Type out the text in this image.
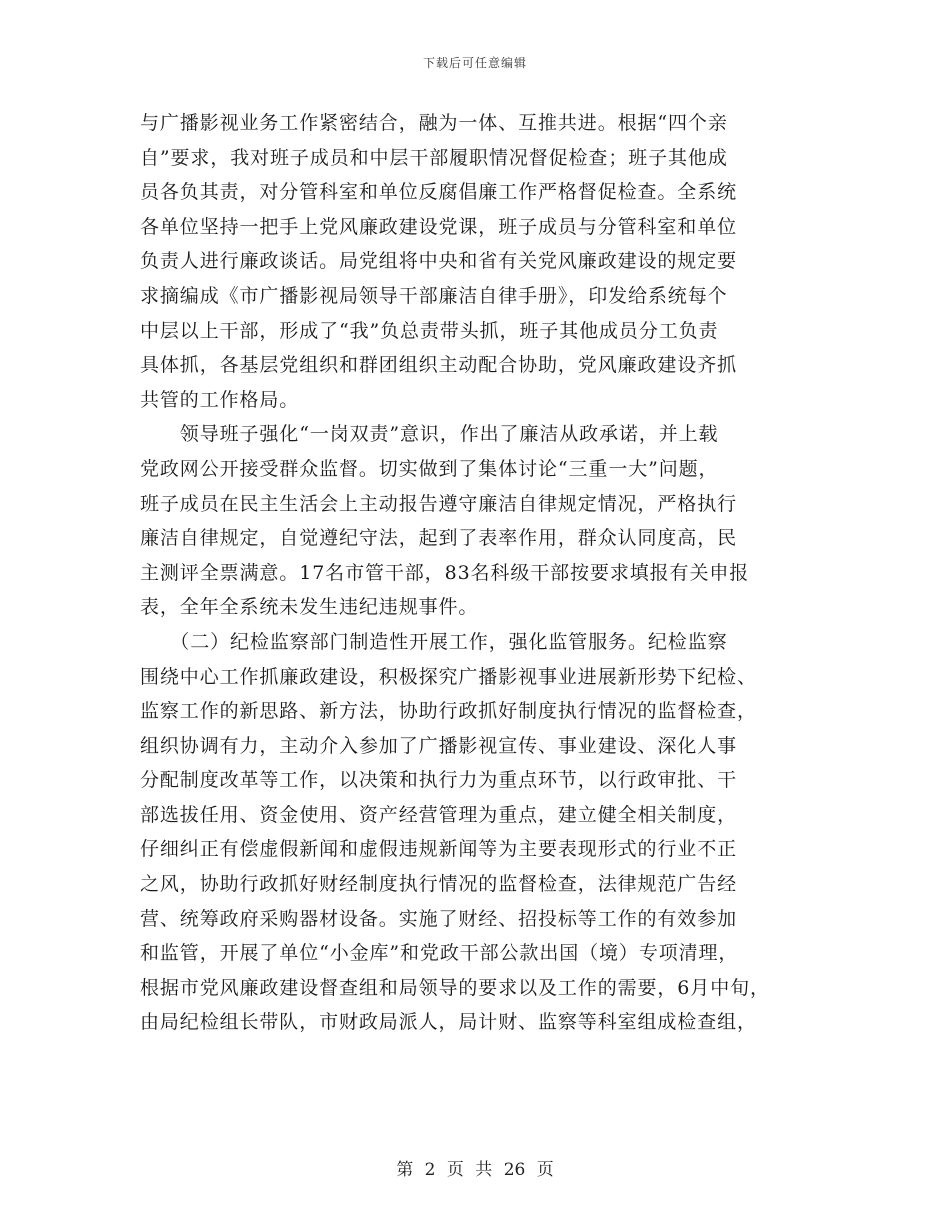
下载后可任意编辑
与广播影视业务工作紧密结合，融为一体、互推共进。根据“四个亲
自”要求，我对班子成员和中层干部履职情况督促检查；班子其他成
员各负其责，对分管科室和单位反腐倡廉工作严格督促检查。全系统
各单位坚持一把手上党风廉政建设党课，班子成员与分管科室和单位
负责人进行廉政谈话。局党组将中央和省有关党风廉政建设的规定要
求摘编成《市广播影视局领导干部廉洁自律手册》，印发给系统每个
中层以上干部，形成了“我”负总责带头抓，班子其他成员分工负责
具体抓，各基层党组织和群团组织主动配合协助，党风廉政建设齐抓
共管的工作格局。
　　领导班子强化“一岗双责”意识，作出了廉洁从政承诺，并上载
党政网公开接受群众监督。切实做到了集体讨论“三重一大”问题，
班子成员在民主生活会上主动报告遵守廉洁自律规定情况，严格执行
廉洁自律规定，自觉遵纪守法，起到了表率作用，群众认同度高，民
主测评全票满意。17名市管干部，83名科级干部按要求填报有关申报
表，全年全系统未发生违纪违规事件。
　　（二）纪检监察部门制造性开展工作，强化监管服务。纪检监察
围绕中心工作抓廉政建设，积极探究广播影视事业进展新形势下纪检、
监察工作的新思路、新方法，协助行政抓好制度执行情况的监督检查，
组织协调有力，主动介入参加了广播影视宣传、事业建设、深化人事
分配制度改革等工作，以决策和执行力为重点环节，以行政审批、干
部选拔任用、资金使用、资产经营管理为重点，建立健全相关制度，
仔细纠正有偿虚假新闻和虚假违规新闻等为主要表现形式的行业不正
之风，协助行政抓好财经制度执行情况的监督检查，法律规范广告经
营、统筹政府采购器材设备。实施了财经、招投标等工作的有效参加
和监管，开展了单位“小金库”和党政干部公款出国（境）专项清理，
根据市党风廉政建设督查组和局领导的要求以及工作的需要，6月中旬，
由局纪检组长带队，市财政局派人，局计财、监察等科室组成检查组，
第 2 页 共 26 页
